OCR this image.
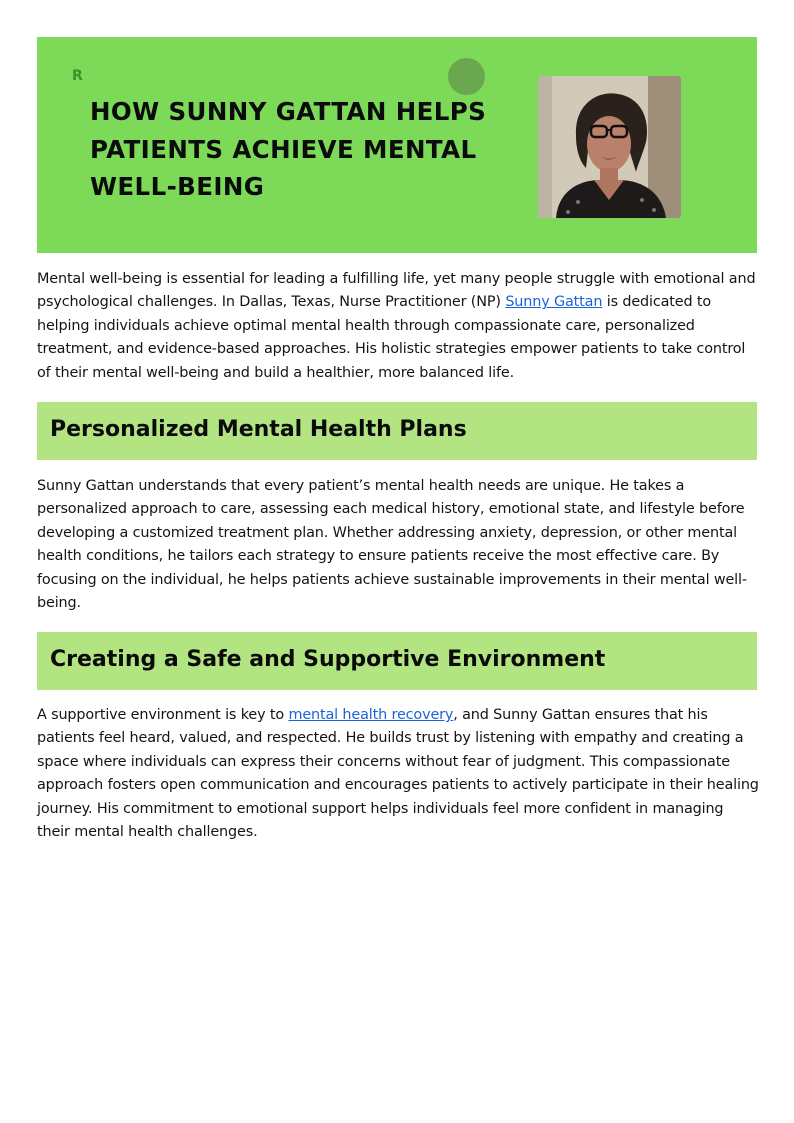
R
HOW SUNNY GATTAN HELPS PATIENTS ACHIEVE MENTAL WELL-BEING

Mental well-being is essential for leading a fulfilling life, yet many people struggle with emotional and psychological challenges. In Dallas, Texas, Nurse Practitioner (NP) Sunny Gattan is dedicated to helping individuals achieve optimal mental health through compassionate care, personalized treatment, and evidence-based approaches. His holistic strategies empower patients to take control of their mental well-being and build a healthier, more balanced life.

Personalized Mental Health Plans

Sunny Gattan understands that every patient’s mental health needs are unique. He takes a personalized approach to care, assessing each medical history, emotional state, and lifestyle before developing a customized treatment plan. Whether addressing anxiety, depression, or other mental health conditions, he tailors each strategy to ensure patients receive the most effective care. By focusing on the individual, he helps patients achieve sustainable improvements in their mental well-being.

Creating a Safe and Supportive Environment

A supportive environment is key to mental health recovery, and Sunny Gattan ensures that his patients feel heard, valued, and respected. He builds trust by listening with empathy and creating a space where individuals can express their concerns without fear of judgment. This compassionate approach fosters open communication and encourages patients to actively participate in their healing journey. His commitment to emotional support helps individuals feel more confident in managing their mental health challenges.
